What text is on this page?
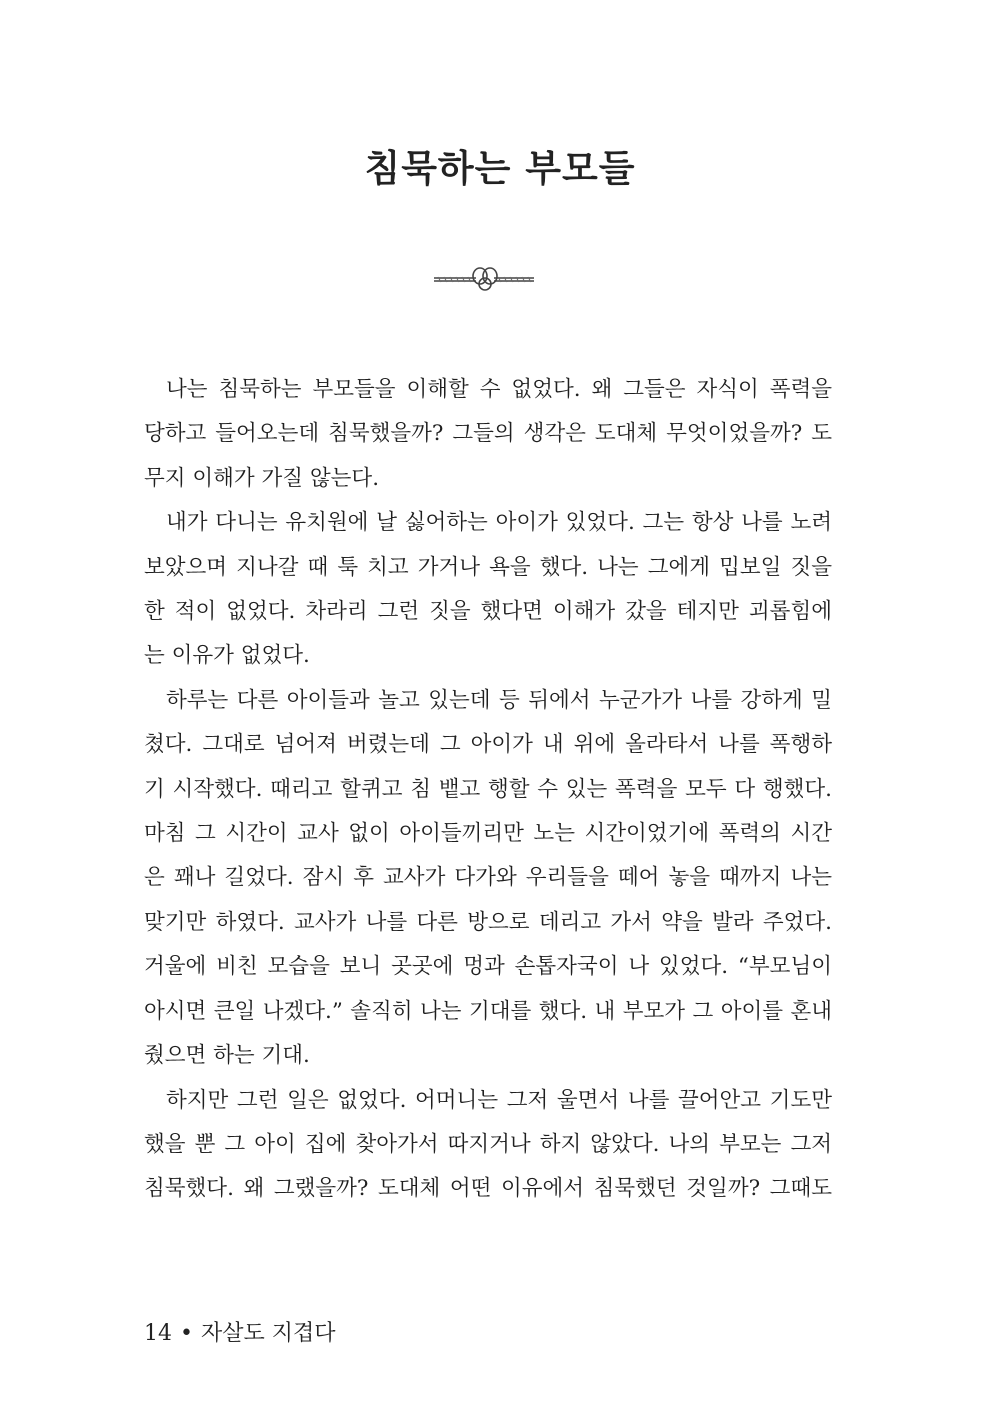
침묵하는 부모들

나는 침묵하는 부모들을 이해할 수 없었다. 왜 그들은 자식이 폭력을
당하고 들어오는데 침묵했을까? 그들의 생각은 도대체 무엇이었을까? 도
무지 이해가 가질 않는다.

내가 다니는 유치원에 날 싫어하는 아이가 있었다. 그는 항상 나를 노려
보았으며 지나갈 때 툭 치고 가거나 욕을 했다. 나는 그에게 밉보일 짓을
한 적이 없었다. 차라리 그런 짓을 했다면 이해가 갔을 테지만 괴롭힘에
는 이유가 없었다.

하루는 다른 아이들과 놀고 있는데 등 뒤에서 누군가가 나를 강하게 밀
쳤다. 그대로 넘어져 버렸는데 그 아이가 내 위에 올라타서 나를 폭행하
기 시작했다. 때리고 할퀴고 침 뱉고 행할 수 있는 폭력을 모두 다 행했다.
마침 그 시간이 교사 없이 아이들끼리만 노는 시간이었기에 폭력의 시간
은 꽤나 길었다. 잠시 후 교사가 다가와 우리들을 떼어 놓을 때까지 나는
맞기만 하였다. 교사가 나를 다른 방으로 데리고 가서 약을 발라 주었다.
거울에 비친 모습을 보니 곳곳에 멍과 손톱자국이 나 있었다. “부모님이
아시면 큰일 나겠다.” 솔직히 나는 기대를 했다. 내 부모가 그 아이를 혼내
줬으면 하는 기대.

하지만 그런 일은 없었다. 어머니는 그저 울면서 나를 끌어안고 기도만
했을 뿐 그 아이 집에 찾아가서 따지거나 하지 않았다. 나의 부모는 그저
침묵했다. 왜 그랬을까? 도대체 어떤 이유에서 침묵했던 것일까? 그때도

14 • 자살도 지겹다
